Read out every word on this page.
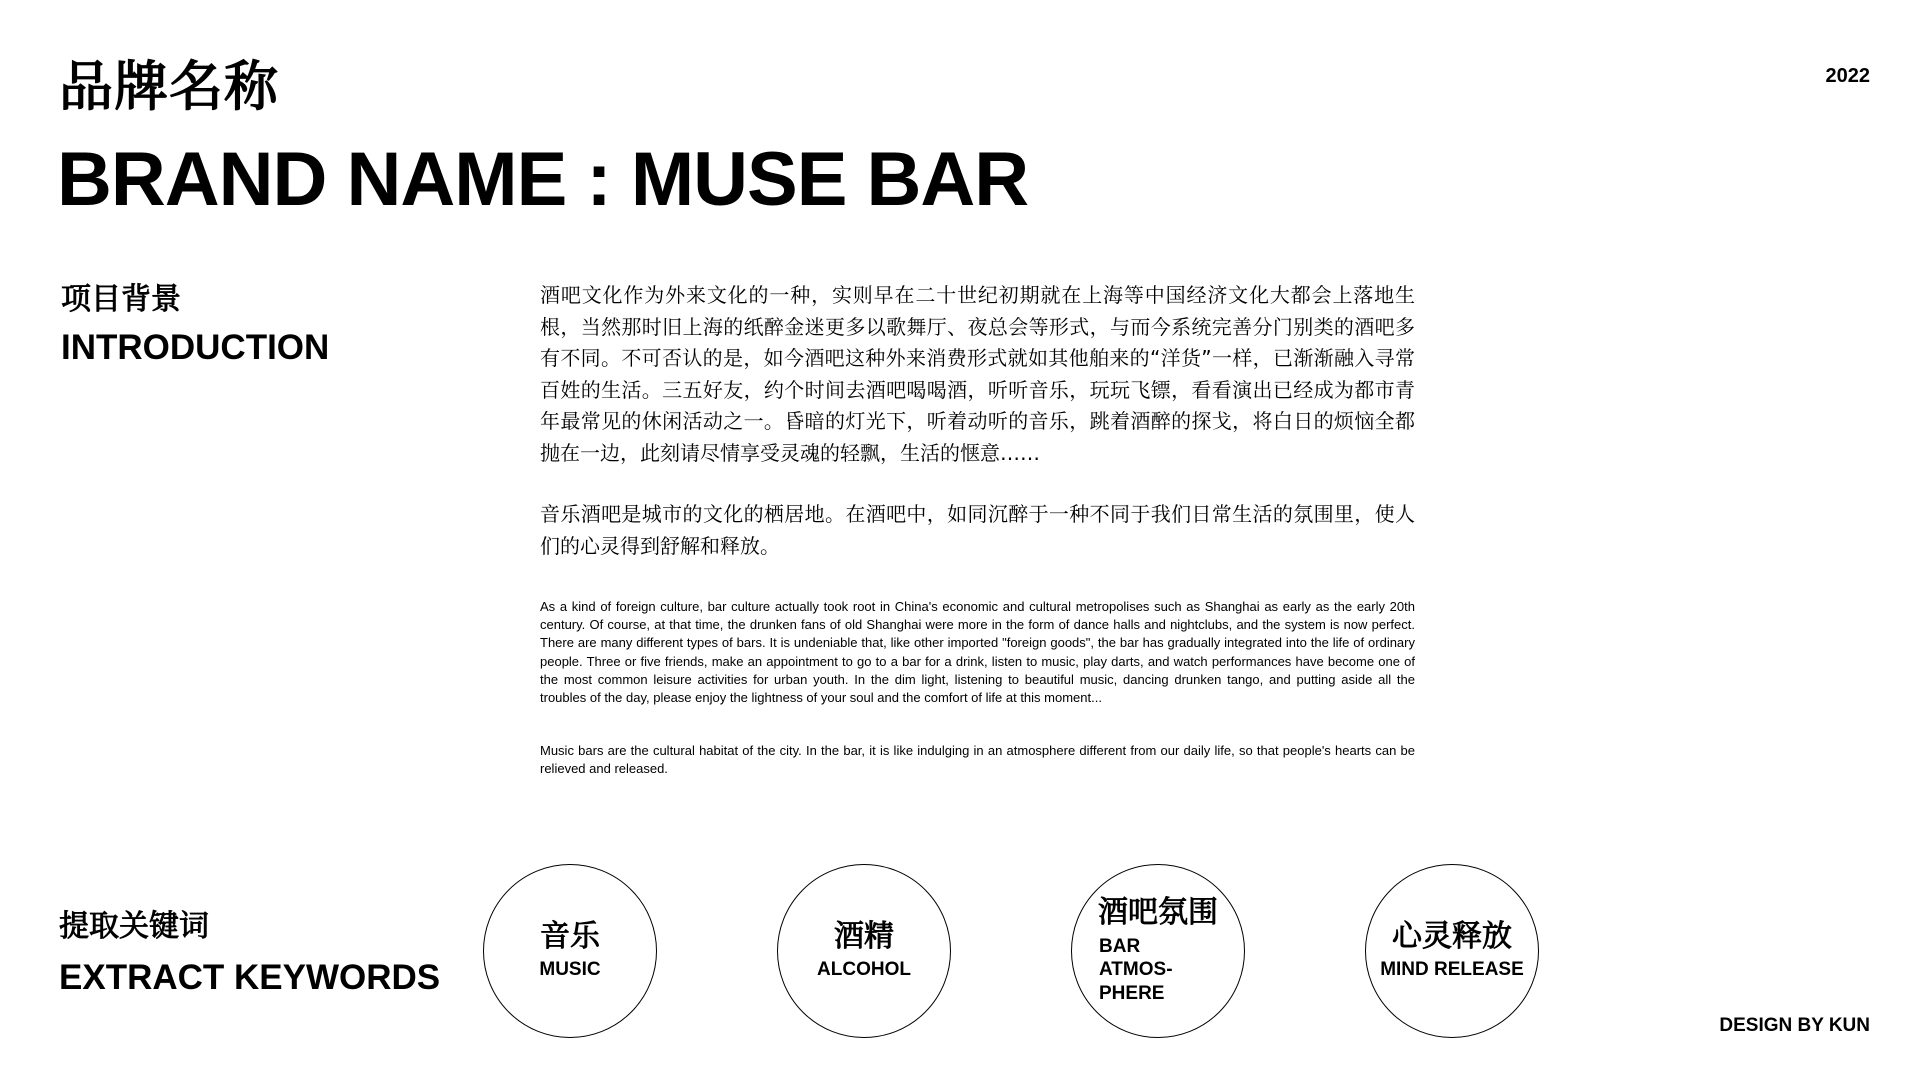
品牌名称
BRAND NAME : MUSE BAR
2022
项目背景
INTRODUCTION

酒吧文化作为外来文化的一种，实则早在二十世纪初期就在上海等中国经济文化大都会上落地生根，当然那时旧上海的纸醉金迷更多以歌舞厅、夜总会等形式，与而今系统完善分门别类的酒吧多有不同。不可否认的是，如今酒吧这种外来消费形式就如其他舶来的“洋货”一样，已渐渐融入寻常百姓的生活。三五好友，约个时间去酒吧喝喝酒，听听音乐，玩玩飞镖，看看演出已经成为都市青年最常见的休闲活动之一。昏暗的灯光下，听着动听的音乐，跳着酒醉的探戈，将白日的烦恼全都抛在一边，此刻请尽情享受灵魂的轻飘，生活的惬意……

音乐酒吧是城市的文化的栖居地。在酒吧中，如同沉醉于一种不同于我们日常生活的氛围里，使人们的心灵得到舒解和释放。

As a kind of foreign culture, bar culture actually took root in China's economic and cultural metropolises such as Shanghai as early as the early 20th century. Of course, at that time, the drunken fans of old Shanghai were more in the form of dance halls and nightclubs, and the system is now perfect. There are many different types of bars. It is undeniable that, like other imported "foreign goods", the bar has gradually integrated into the life of ordinary people. Three or five friends, make an appointment to go to a bar for a drink, listen to music, play darts, and watch performances have become one of the most common leisure activities for urban youth. In the dim light, listening to beautiful music, dancing drunken tango, and putting aside all the troubles of the day, please enjoy the lightness of your soul and the comfort of life at this moment...

Music bars are the cultural habitat of the city. In the bar, it is like indulging in an atmosphere different from our daily life, so that people's hearts can be relieved and released.

提取关键词
EXTRACT KEYWORDS
音乐
MUSIC
酒精
ALCOHOL
酒吧氛围
BAR ATMOS-PHERE
心灵释放
MIND RELEASE
DESIGN BY KUN
